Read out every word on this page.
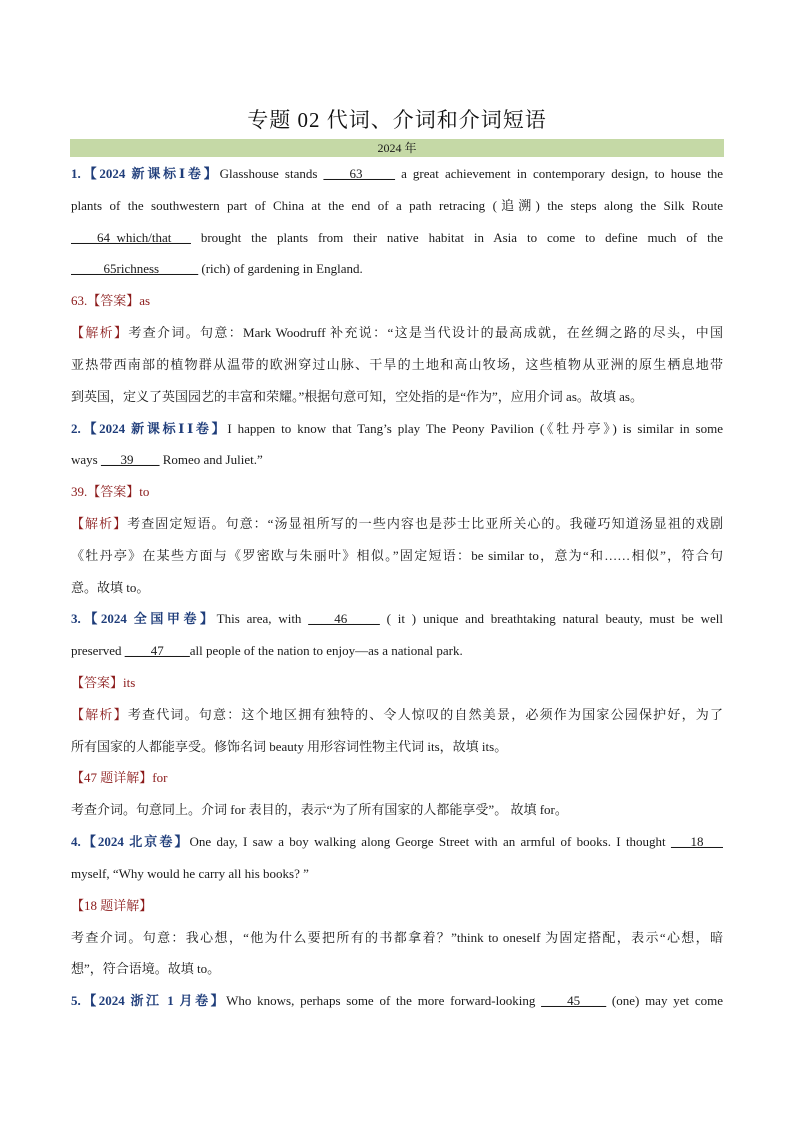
专题 02 代词、介词和介词短语
2024 年
1.【2024 新课标Ⅰ卷】Glasshouse stands ____63_____ a great achievement in contemporary design, to house the
plants of the southwestern part of China at the end of a path retracing (追溯) the steps along the Silk Route
____64_which/that___ brought the plants from their native habitat in Asia to come to define much of the
_____65richness______ (rich) of gardening in England.
63.【答案】as
【解析】考查介词。句意：Mark Woodruff 补充说：“这是当代设计的最高成就，在丝绸之路的尽头，中国
亚热带西南部的植物群从温带的欧洲穿过山脉、干旱的土地和高山牧场，这些植物从亚洲的原生栖息地带
到英国，定义了英国园艺的丰富和荣耀。”根据句意可知，空处指的是“作为”，应用介词 as。故填 as。
2.【2024 新课标ⅠⅠ卷】I happen to know that Tang’s play The Peony Pavilion (《牡丹亭》) is similar in some
ways ___39____ Romeo and Juliet.”
39.【答案】to
【解析】考查固定短语。句意：“汤显祖所写的一些内容也是莎士比亚所关心的。我碰巧知道汤显祖的戏剧
《牡丹亭》在某些方面与《罗密欧与朱丽叶》相似。”固定短语：be similar to，意为“和……相似”，符合句
意。故填 to。
3.【2024 全国甲卷】This area, with ____46_____ ( it ) unique and breathtaking natural beauty, must be well
preserved ____47____all people of the nation to enjoy—as a national park.
【答案】its
【解析】考查代词。句意：这个地区拥有独特的、令人惊叹的自然美景，必须作为国家公园保护好，为了
所有国家的人都能享受。修饰名词 beauty 用形容词性物主代词 its，故填 its。
【47 题详解】for
考查介词。句意同上。介词 for 表目的，表示“为了所有国家的人都能享受”。 故填 for。
4.【2024 北京卷】One day, I saw a boy walking along George Street with an armful of books. I thought ___18___
myself, “Why would he carry all his books? ”
【18 题详解】
考查介词。句意：我心想，“他为什么要把所有的书都拿着？”think to oneself 为固定搭配，表示“心想，暗
想”，符合语境。故填 to。
5.【2024 浙江 1 月卷】Who knows, perhaps some of the more forward-looking ____45____ (one) may yet come
